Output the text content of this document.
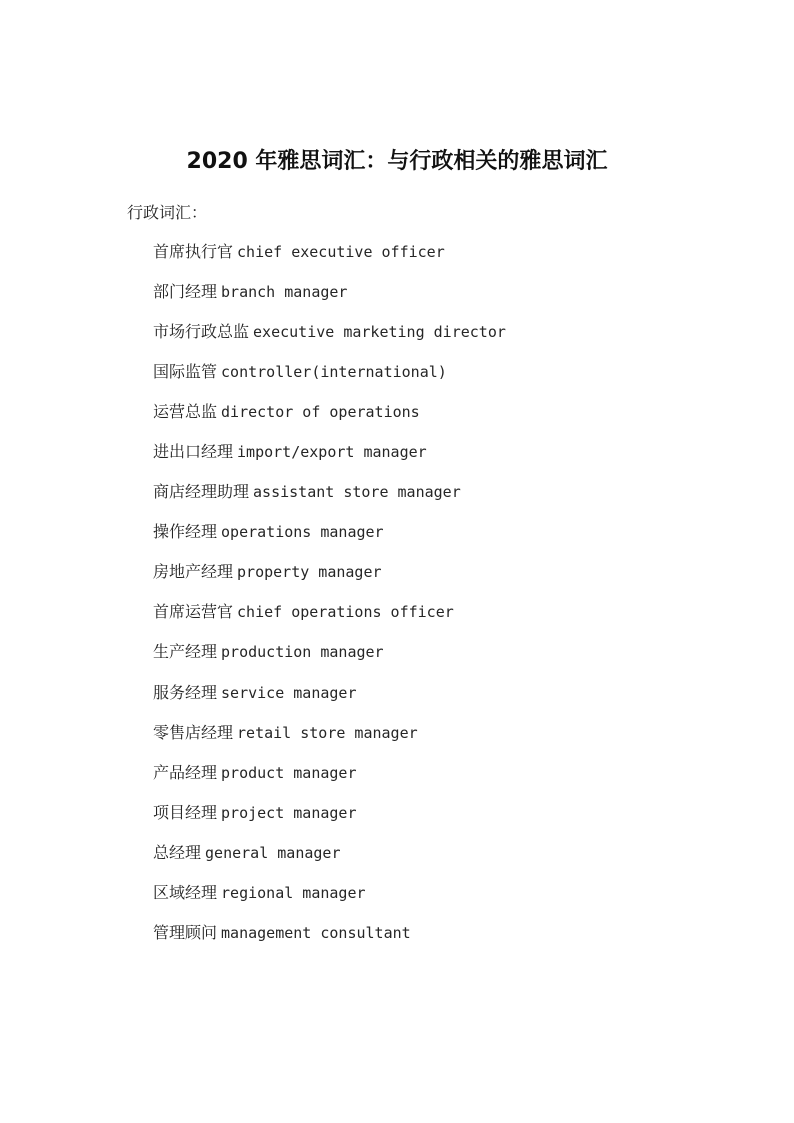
2020 年雅思词汇：与行政相关的雅思词汇

行政词汇：

首席执行官 chief executive officer
部门经理 branch manager
市场行政总监 executive marketing director
国际监管 controller(international)
运营总监 director of operations
进出口经理 import/export manager
商店经理助理 assistant store manager
操作经理 operations manager
房地产经理 property manager
首席运营官 chief operations officer
生产经理 production manager
服务经理 service manager
零售店经理 retail store manager
产品经理 product manager
项目经理 project manager
总经理 general manager
区域经理 regional manager
管理顾问 management consultant
